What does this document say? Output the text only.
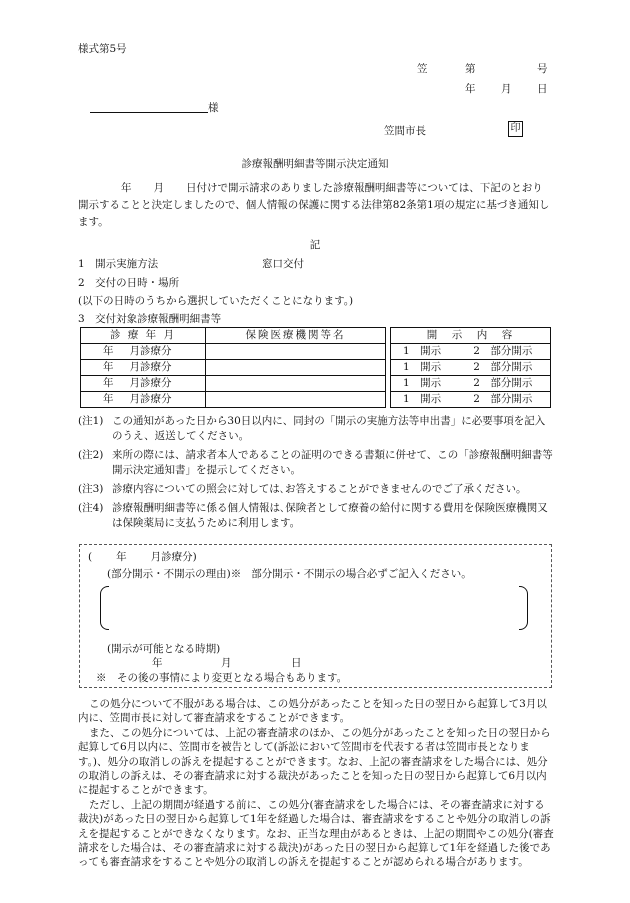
様式第5号
笠	第	号
年 月 日
様
笠間市長	印
診療報酬明細書等開示決定通知
年 月 日付けで開示請求のありました診療報酬明細書等については、下記のとおり開示することと決定しましたので、個人情報の保護に関する法律第82条第1項の規定に基づき通知します。
記
1　開示実施方法	窓口交付
2　交付の日時・場所
(以下の日時のうちから選択していただくことになります。)
3　交付対象診療報酬明細書等
診 療 年 月	保険医療機関等名		開　示　内　容
年 月診療分			1　開示 2　部分開示
年 月診療分			1　開示 2　部分開示
年 月診療分			1　開示 2　部分開示
年 月診療分			1　開示 2　部分開示
(注1) この通知があった日から30日以内に、同封の「開示の実施方法等申出書」に必要事項を記入のうえ、返送してください。
(注2) 来所の際には、請求者本人であることの証明のできる書類に併せて、この「診療報酬明細書等開示決定通知書」を提示してください。
(注3) 診療内容についての照会に対しては､お答えすることができませんのでご了承ください。
(注4) 診療報酬明細書等に係る個人情報は､保険者として療養の給付に関する費用を保険医療機関又は保険薬局に支払うために利用します。
( 年 月診療分)
(部分開示・不開示の理由)※ 部分開示・不開示の場合必ずご記入ください。
(開示が可能となる時期)
年	月	日
※　その後の事情により変更となる場合もあります。

この処分について不服がある場合は、この処分があったことを知った日の翌日から起算して3月以内に、笠間市長に対して審査請求をすることができます。

また、この処分については、上記の審査請求のほか、この処分があったことを知った日の翌日から起算して6月以内に、笠間市を被告として(訴訟において笠間市を代表する者は笠間市長となります。)、処分の取消しの訴えを提起することができます。なお、上記の審査請求をした場合には、処分の取消しの訴えは、その審査請求に対する裁決があったことを知った日の翌日から起算して6月以内に提起することができます。

ただし、上記の期間が経過する前に、この処分(審査請求をした場合には、その審査請求に対する裁決)があった日の翌日から起算して1年を経過した場合は、審査請求をすることや処分の取消しの訴えを提起することができなくなります。なお、正当な理由があるときは、上記の期間やこの処分(審査請求をした場合は、その審査請求に対する裁決)があった日の翌日から起算して1年を経過した後であっても審査請求をすることや処分の取消しの訴えを提起することが認められる場合があります。
